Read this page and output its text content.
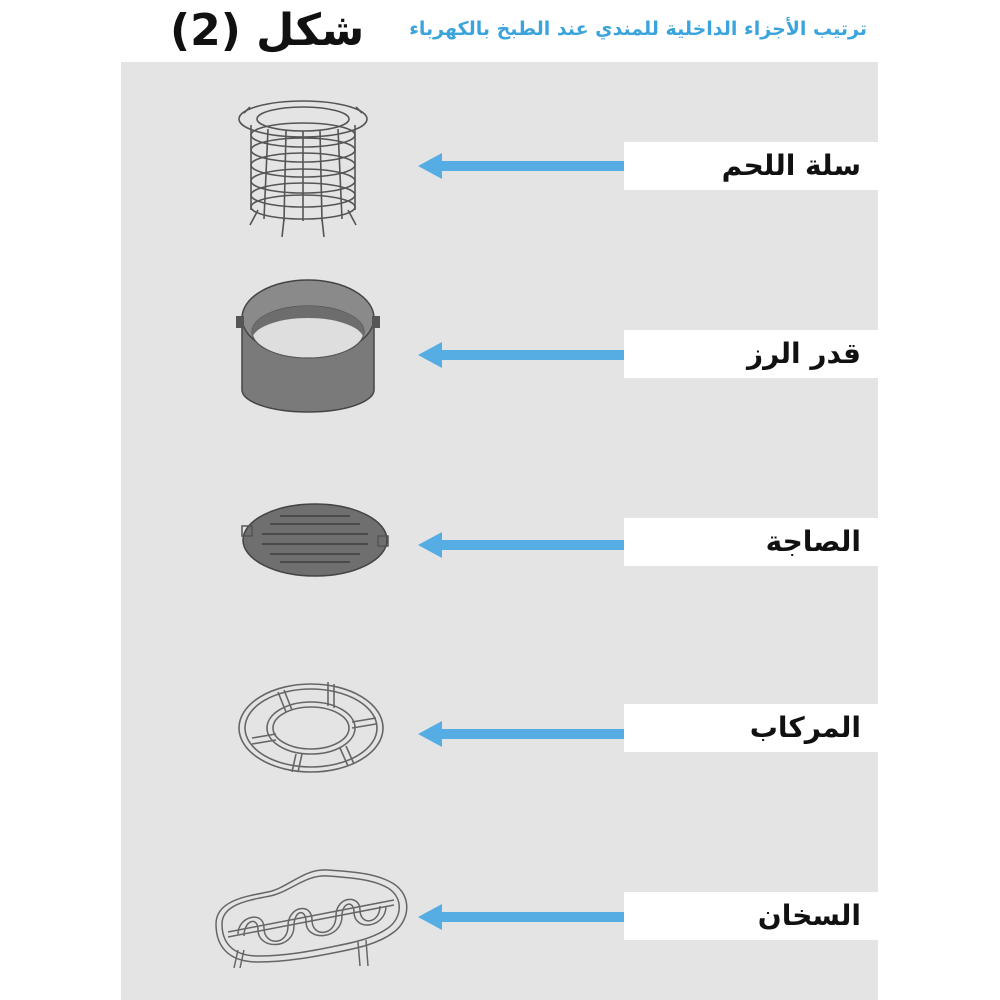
شكل (2)	ترتيب الأجزاء الداخلية للمندي عند الطبخ بالكهرباء
سلة اللحم
قدر الرز
الصاجة
المركاب
السخان
